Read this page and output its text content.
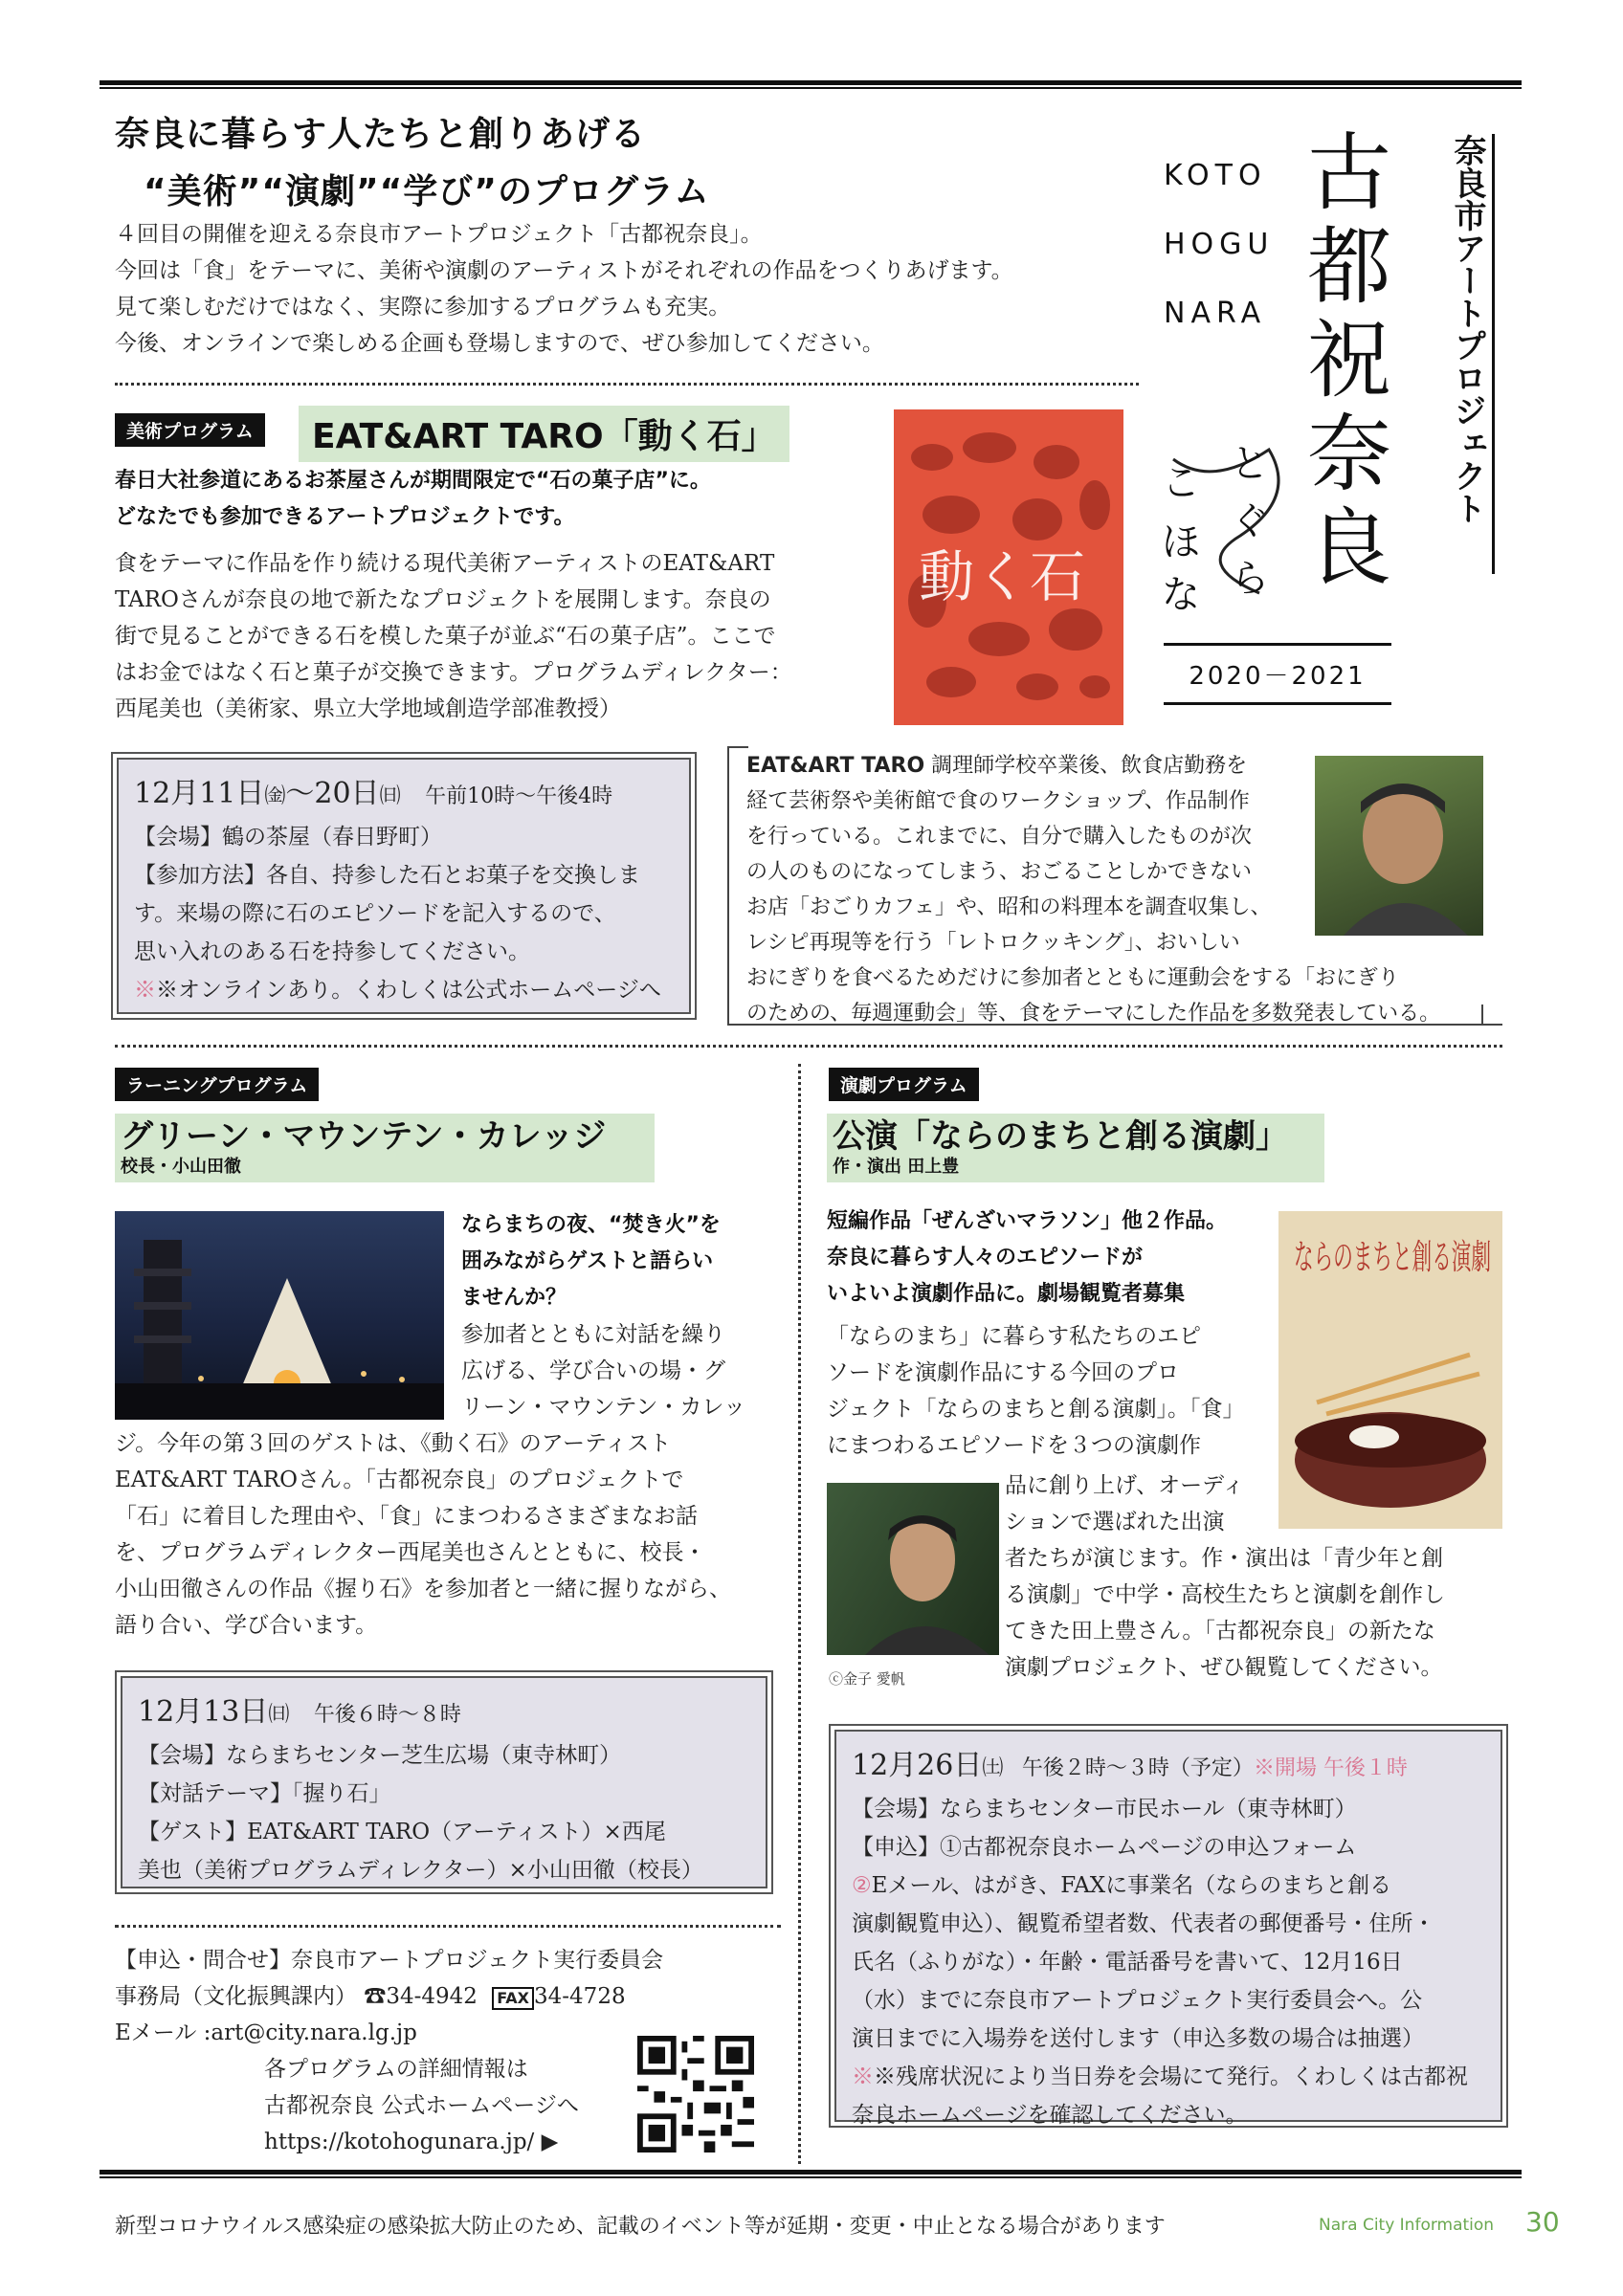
奈良に暮らす人たちと創りあげる
“美術”“演劇”“学び”のプログラム
４回目の開催を迎える奈良市アートプロジェクト「古都祝奈良」。
今回は「食」をテーマに、美術や演劇のアーティストがそれぞれの作品をつくりあげます。
見て楽しむだけではなく、実際に参加するプログラムも充実。
今後、オンラインで楽しめる企画も登場しますので、ぜひ参加してください。
KOTO
HOGU
NARA
古
都
祝
奈
良
こ と
ほ ぐ
な ら
2020－2021
奈良市アートプロジェクト
美術プログラム	EAT&ART TARO「動く石」
春日大社参道にあるお茶屋さんが期間限定で“石の菓子店”に。
どなたでも参加できるアートプロジェクトです。
食をテーマに作品を作り続ける現代美術アーティストのEAT&ART
TAROさんが奈良の地で新たなプロジェクトを展開します。奈良の
街で見ることができる石を模した菓子が並ぶ“石の菓子店”。ここで
はお金ではなく石と菓子が交換できます。プログラムディレクター：
西尾美也（美術家、県立大学地域創造学部准教授）
動く石
12月11日㈮～20日㈰ 午前10時～午後4時
【会場】鶴の茶屋（春日野町）
【参加方法】各自、持参した石とお菓子を交換しま
す。来場の際に石のエピソードを記入するので、
思い入れのある石を持参してください。
※※オンラインあり。くわしくは公式ホームページへ
EAT&ART TARO 調理師学校卒業後、飲食店勤務を
経て芸術祭や美術館で食のワークショップ、作品制作
を行っている。これまでに、自分で購入したものが次
の人のものになってしまう、おごることしかできない
お店「おごりカフェ」や、昭和の料理本を調査収集し、
レシピ再現等を行う「レトロクッキング」、おいしい
おにぎりを食べるためだけに参加者とともに運動会をする「おにぎり
のための、毎週運動会」等、食をテーマにした作品を多数発表している。
ラーニングプログラム
グリーン・マウンテン・カレッジ
校長・小山田徹
ならまちの夜、“焚き火”を
囲みながらゲストと語らい
ませんか？
参加者とともに対話を繰り
広げる、学び合いの場・グ
リーン・マウンテン・カレッ
ジ。今年の第３回のゲストは、《動く石》のアーティスト
EAT&ART TAROさん。「古都祝奈良」のプロジェクトで
「石」に着目した理由や、「食」にまつわるさまざまなお話
を、プログラムディレクター西尾美也さんとともに、校長・
小山田徹さんの作品《握り石》を参加者と一緒に握りながら、
語り合い、学び合います。
12月13日㈰ 午後６時～８時
【会場】ならまちセンター芝生広場（東寺林町）
【対話テーマ】「握り石」
【ゲスト】EAT&ART TARO（アーティスト）×西尾
美也（美術プログラムディレクター）×小山田徹（校長）
【申込・問合せ】奈良市アートプロジェクト実行委員会
事務局（文化振興課内） ☎34-4942 FAX 34-4728
Eメール :art@city.nara.lg.jp
各プログラムの詳細情報は
古都祝奈良 公式ホームページへ
https://kotohogunara.jp/ ▶
演劇プログラム
公演「ならのまちと創る演劇」
作・演出 田上豊
短編作品「ぜんざいマラソン」他２作品。
奈良に暮らす人々のエピソードが
いよいよ演劇作品に。劇場観覧者募集
「ならのまち」に暮らす私たちのエピ
ソードを演劇作品にする今回のプロ
ジェクト「ならのまちと創る演劇」。「食」
にまつわるエピソードを３つの演劇作
ならのまちと創る演劇
ⓒ金子 愛帆
品に創り上げ、オーディ
ションで選ばれた出演
者たちが演じます。作・演出は「青少年と創
る演劇」で中学・高校生たちと演劇を創作し
てきた田上豊さん。「古都祝奈良」の新たな
演劇プロジェクト、ぜひ観覧してください。
12月26日㈯ 午後２時～３時（予定）※開場 午後１時
【会場】ならまちセンター市民ホール（東寺林町）
【申込】①古都祝奈良ホームページの申込フォーム
②Eメール、はがき、FAXに事業名（ならのまちと創る
演劇観覧申込）、観覧希望者数、代表者の郵便番号・住所・
氏名（ふりがな）・年齢・電話番号を書いて、12月16日
（水）までに奈良市アートプロジェクト実行委員会へ。公
演日までに入場券を送付します（申込多数の場合は抽選）
※※残席状況により当日券を会場にて発行。くわしくは古都祝
奈良ホームページを確認してください。
新型コロナウイルス感染症の感染拡大防止のため、記載のイベント等が延期・変更・中止となる場合があります	Nara City Information 30
